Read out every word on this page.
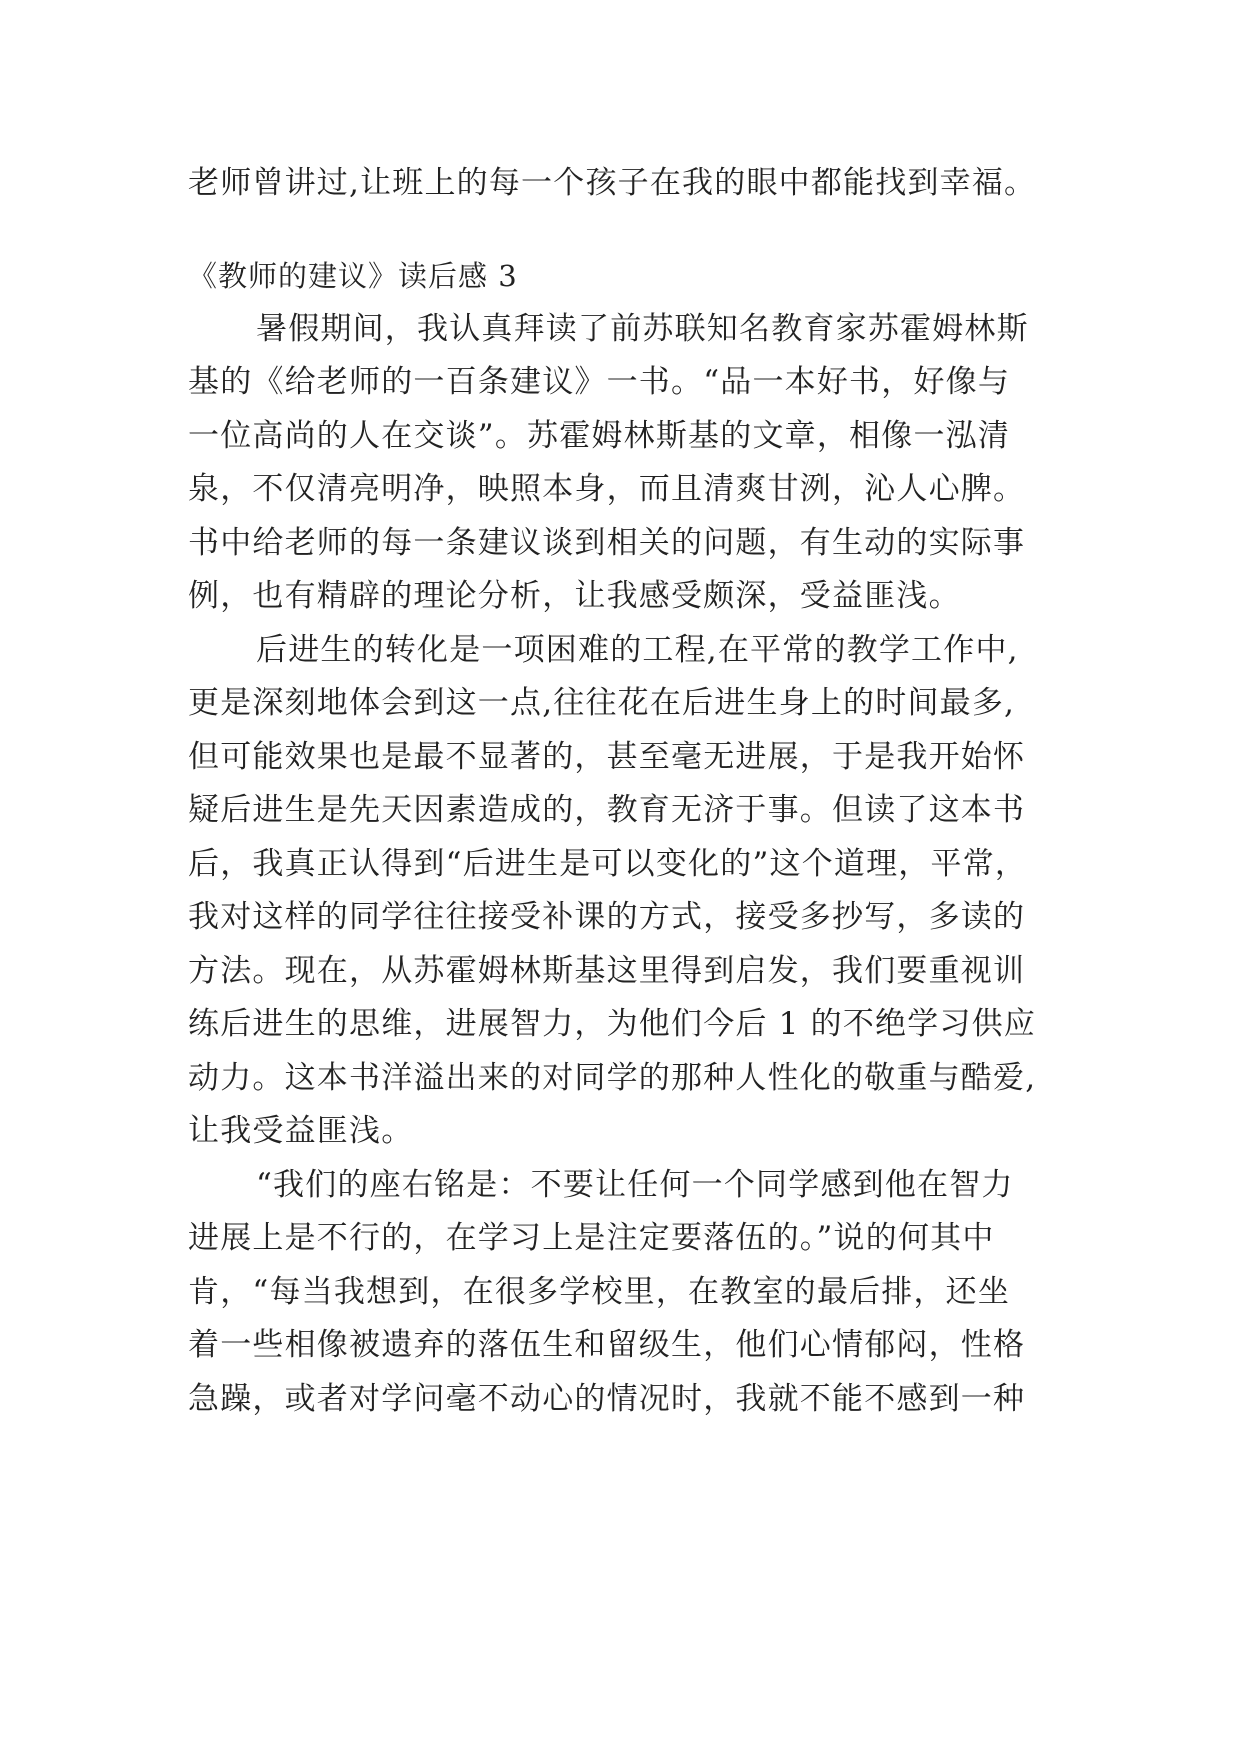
老师曾讲过,让班上的每一个孩子在我的眼中都能找到幸福。
《教师的建议》读后感 3
暑假期间，我认真拜读了前苏联知名教育家苏霍姆林斯
基的《给老师的一百条建议》一书。“品一本好书，好像与
一位高尚的人在交谈”。苏霍姆林斯基的文章，相像一泓清
泉，不仅清亮明净，映照本身，而且清爽甘洌，沁人心脾。
书中给老师的每一条建议谈到相关的问题，有生动的实际事
例，也有精辟的理论分析，让我感受颇深，受益匪浅。
后进生的转化是一项困难的工程,在平常的教学工作中,
更是深刻地体会到这一点,往往花在后进生身上的时间最多,
但可能效果也是最不显著的，甚至毫无进展，于是我开始怀
疑后进生是先天因素造成的，教育无济于事。但读了这本书
后，我真正认得到“后进生是可以变化的”这个道理，平常，
我对这样的同学往往接受补课的方式，接受多抄写，多读的
方法。现在，从苏霍姆林斯基这里得到启发，我们要重视训
练后进生的思维，进展智力，为他们今后 1 的不绝学习供应
动力。这本书洋溢出来的对同学的那种人性化的敬重与酷爱,
让我受益匪浅。
“我们的座右铭是：不要让任何一个同学感到他在智力
进展上是不行的，在学习上是注定要落伍的。”说的何其中
肯，“每当我想到，在很多学校里，在教室的最后排，还坐
着一些相像被遗弃的落伍生和留级生，他们心情郁闷，性格
急躁，或者对学问毫不动心的情况时，我就不能不感到一种
